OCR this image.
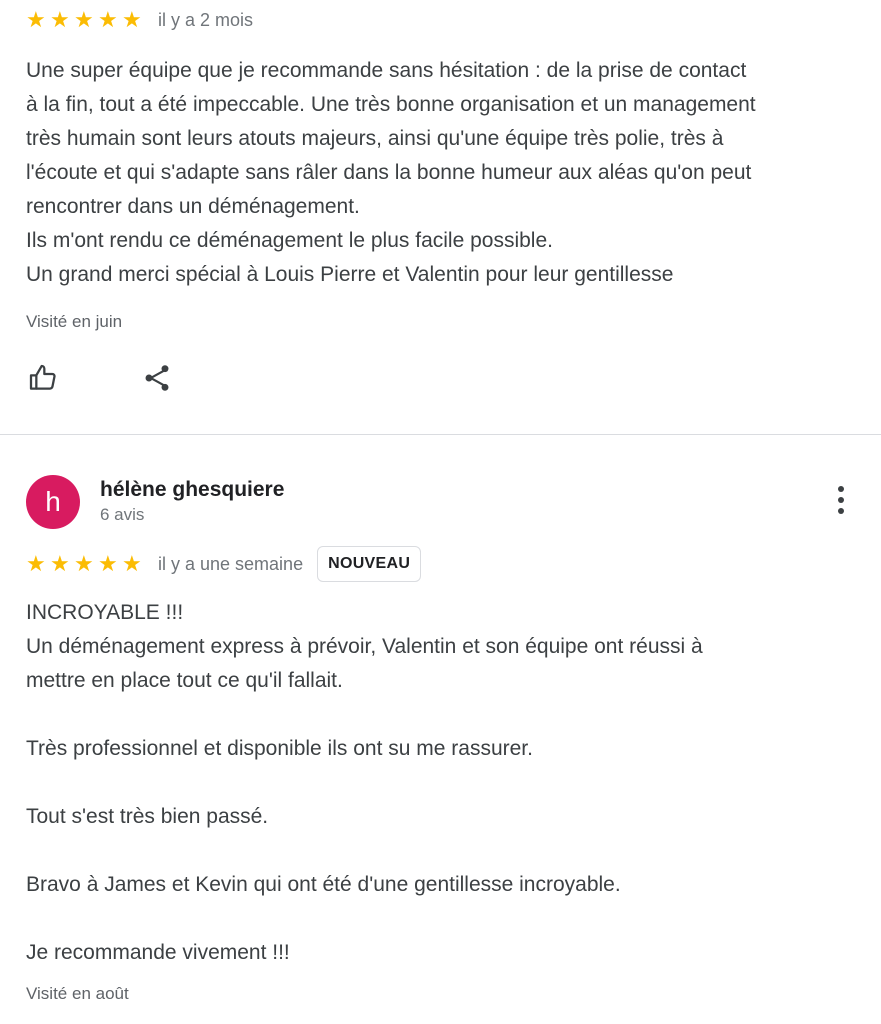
★ ★ ★ ★ ★ il y a 2 mois

Une super équipe que je recommande sans hésitation : de la prise de contact

à la fin, tout a été impeccable. Une très bonne organisation et un management

très humain sont leurs atouts majeurs, ainsi qu'une équipe très polie, très à

l'écoute et qui s'adapte sans râler dans la bonne humeur aux aléas qu'on peut

rencontrer dans un déménagement.

Ils m'ont rendu ce déménagement le plus facile possible.

Un grand merci spécial à Louis Pierre et Valentin pour leur gentillesse

Visité en juin
h	hélène ghesquiere
6 avis
★ ★ ★ ★ ★ il y a une semaine	NOUVEAU

INCROYABLE !!!

Un déménagement express à prévoir, Valentin et son équipe ont réussi à

mettre en place tout ce qu'il fallait.

Très professionnel et disponible ils ont su me rassurer.

Tout s'est très bien passé.

Bravo à James et Kevin qui ont été d'une gentillesse incroyable.

Je recommande vivement !!!

Visité en août
